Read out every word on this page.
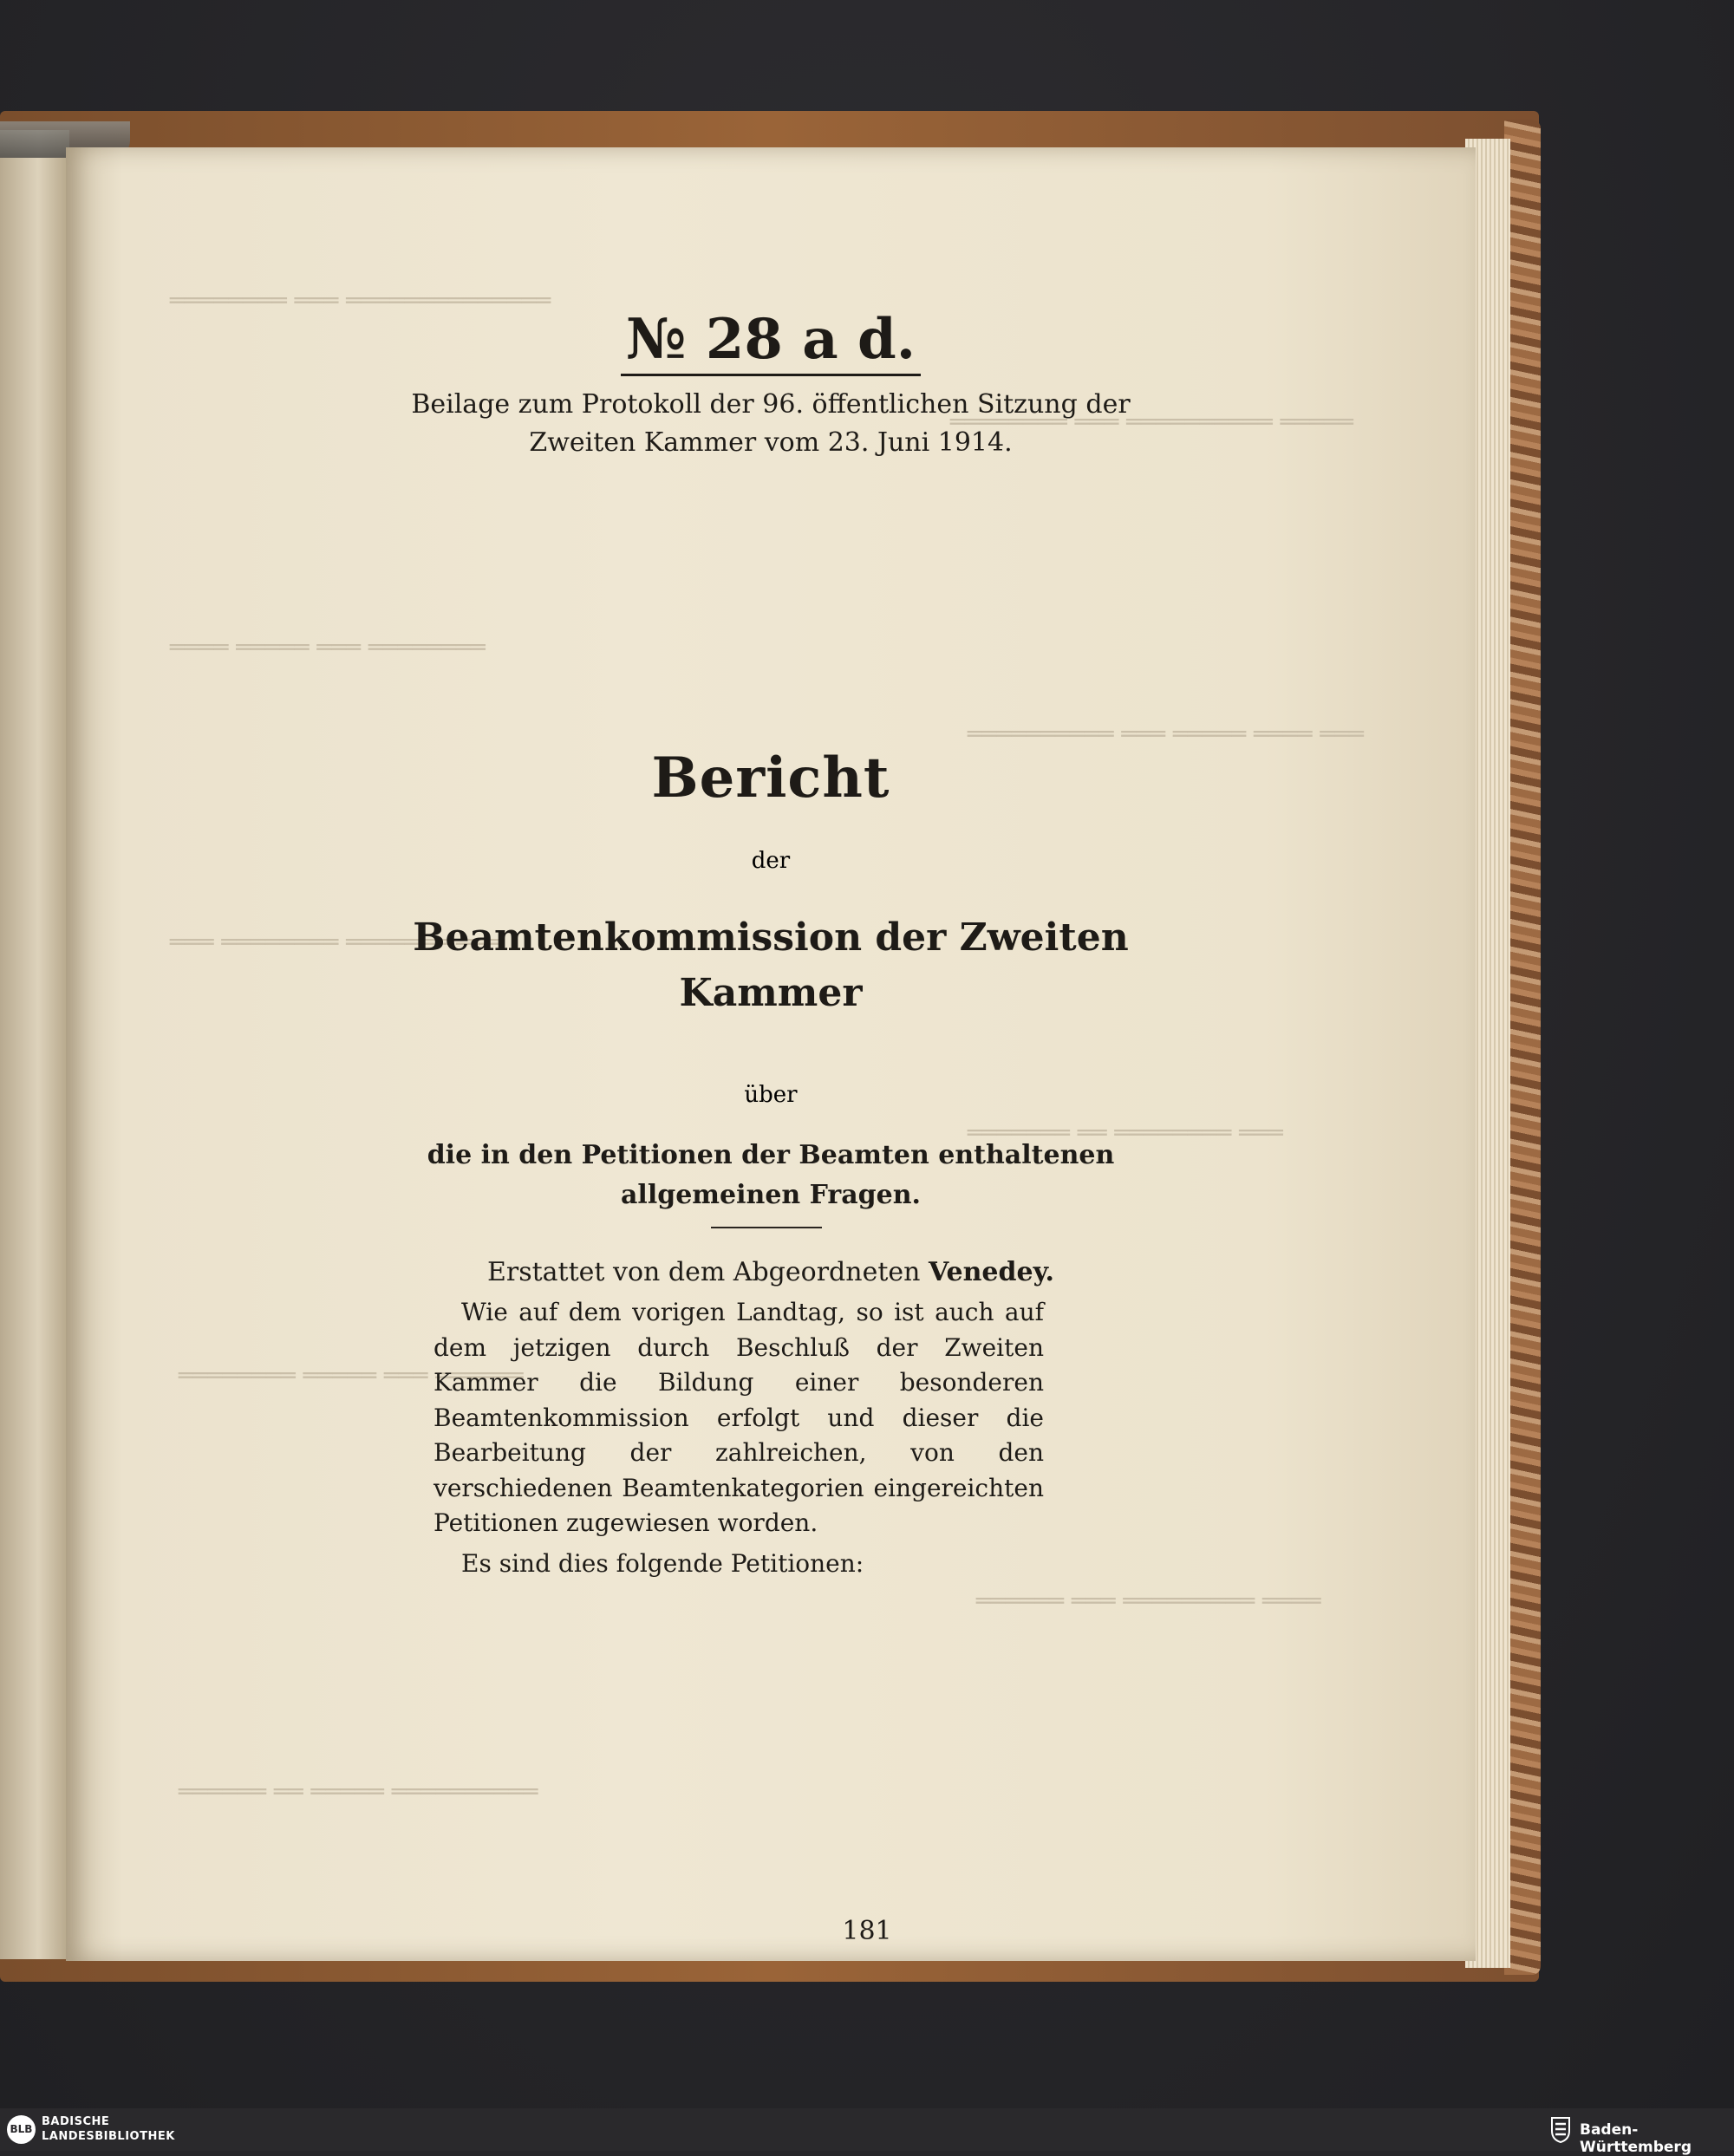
════════ ═══ ══════════════
════════ ═══ ══════════ ═════
════ ═════ ═══ ════════
══════════ ═══ ═════ ════ ═══
═══ ════════ ═══════ ═══
═══════ ══ ════════ ═══
════════ ═════ ═══ ══════
══════ ═══ ═════════ ════
══════ ══ ═════ ══════════
№ 28 a d.
Beilage zum Protokoll der 96. öffentlichen Sitzung der
Zweiten Kammer vom 23. Juni 1914.
Bericht
der
Beamtenkommission der Zweiten
Kammer
über
die in den Petitionen der Beamten enthaltenen
allgemeinen Fragen.
Erstattet von dem Abgeordneten Venedey.

Wie auf dem vorigen Landtag, so ist auch auf dem jetzigen durch Beschluß der Zweiten Kammer die Bildung einer besonderen Beamtenkommission erfolgt und dieser die Bearbeitung der zahlreichen, von den verschiedenen Beamtenkategorien eingereichten Petitionen zugewiesen worden.

Es sind dies folgende Petitionen:

181
BLB
BADISCHE
LANDESBIBLIOTHEK	Baden-Württemberg
